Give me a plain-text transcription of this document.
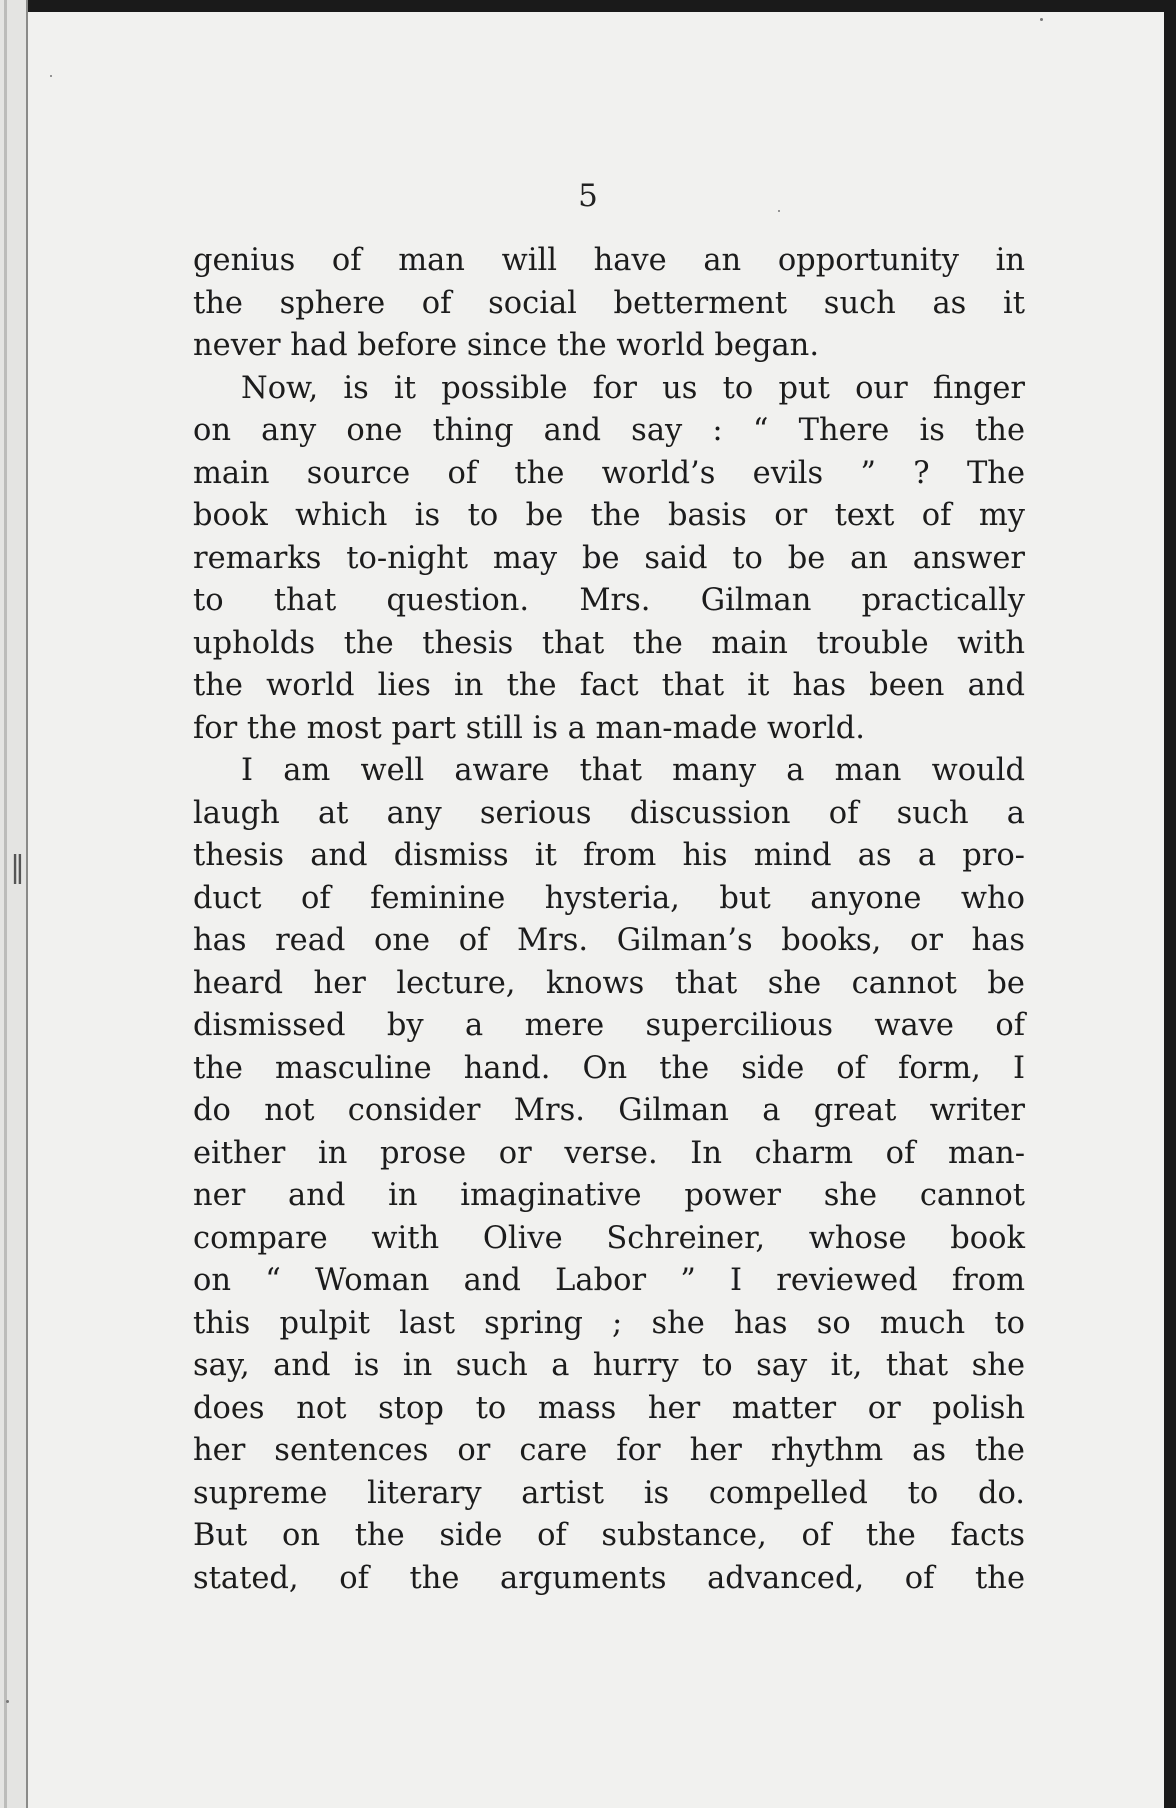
‖
5
genius of man will have an opportunity in
the sphere of social betterment such as it
never had before since the world began.
Now, is it possible for us to put our finger
on any one thing and say : “ There is the
main source of the world’s evils ” ? The
book which is to be the basis or text of my
remarks to-night may be said to be an answer
to that question. Mrs. Gilman practically
upholds the thesis that the main trouble with
the world lies in the fact that it has been and
for the most part still is a man-made world.
I am well aware that many a man would
laugh at any serious discussion of such a
thesis and dismiss it from his mind as a pro-
duct of feminine hysteria, but anyone who
has read one of Mrs. Gilman’s books, or has
heard her lecture, knows that she cannot be
dismissed by a mere supercilious wave of
the masculine hand. On the side of form, I
do not consider Mrs. Gilman a great writer
either in prose or verse. In charm of man-
ner and in imaginative power she cannot
compare with Olive Schreiner, whose book
on “ Woman and Labor ” I reviewed from
this pulpit last spring ; she has so much to
say, and is in such a hurry to say it, that she
does not stop to mass her matter or polish
her sentences or care for her rhythm as the
supreme literary artist is compelled to do.
But on the side of substance, of the facts
stated, of the arguments advanced, of the
